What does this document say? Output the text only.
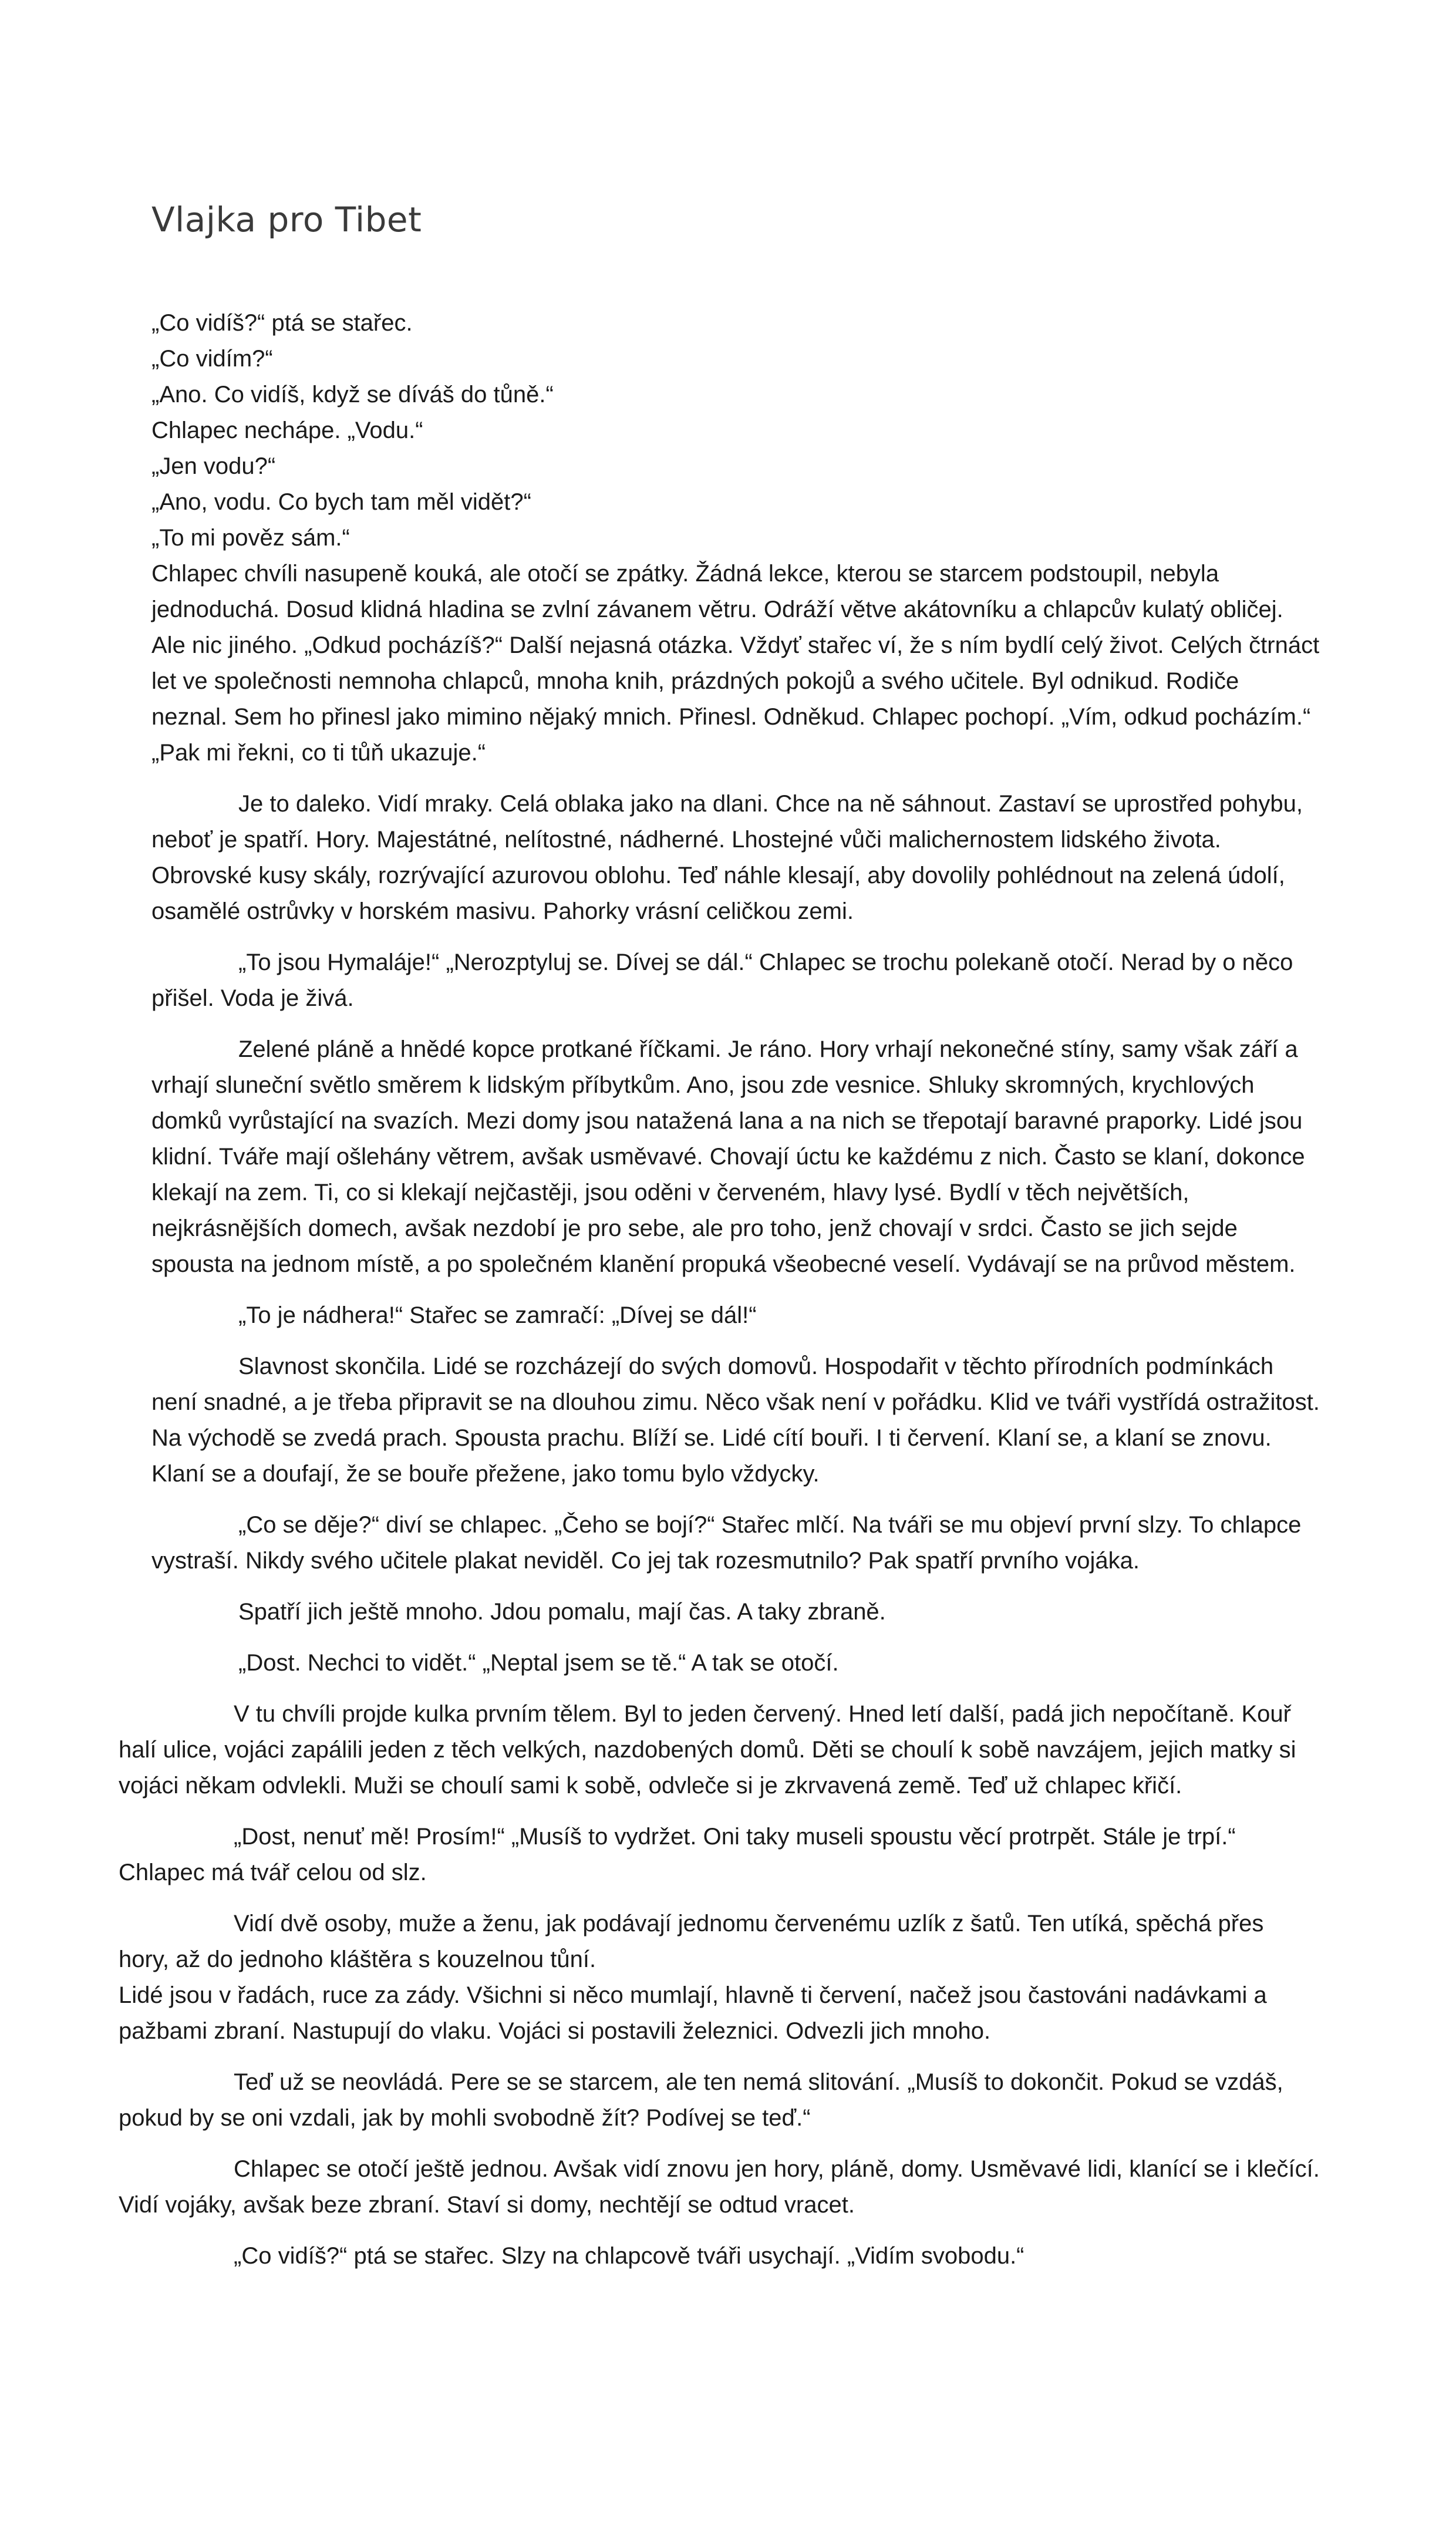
Vlajka pro Tibet

„Co vidíš?“ ptá se stařec.

„Co vidím?“

„Ano. Co vidíš, když se díváš do tůně.“

Chlapec nechápe. „Vodu.“

„Jen vodu?“

„Ano, vodu. Co bych tam měl vidět?“

„To mi pověz sám.“

Chlapec chvíli nasupeně kouká, ale otočí se zpátky. Žádná lekce, kterou se starcem podstoupil, nebyla jednoduchá. Dosud klidná hladina se zvlní závanem větru. Odráží větve akátovníku a chlapcův kulatý obličej. Ale nic jiného. „Odkud pocházíš?“ Další nejasná otázka. Vždyť stařec ví, že s ním bydlí celý život. Celých čtrnáct let ve společnosti nemnoha chlapců, mnoha knih, prázdných pokojů a svého učitele. Byl odnikud. Rodiče neznal. Sem ho přinesl jako mimino nějaký mnich. Přinesl. Odněkud. Chlapec pochopí. „Vím, odkud pocházím.“ „Pak mi řekni, co ti tůň ukazuje.“

Je to daleko. Vidí mraky. Celá oblaka jako na dlani. Chce na ně sáhnout. Zastaví se uprostřed pohybu, neboť je spatří. Hory. Majestátné, nelítostné, nádherné. Lhostejné vůči malichernostem lidského života. Obrovské kusy skály, rozrývající azurovou oblohu. Teď náhle klesají, aby dovolily pohlédnout na zelená údolí, osamělé ostrůvky v horském masivu. Pahorky vrásní celičkou zemi.

„To jsou Hymaláje!“ „Nerozptyluj se. Dívej se dál.“ Chlapec se trochu polekaně otočí. Nerad by o něco přišel. Voda je živá.

Zelené pláně a hnědé kopce protkané říčkami. Je ráno. Hory vrhají nekonečné stíny, samy však září a vrhají sluneční světlo směrem k lidským příbytkům. Ano, jsou zde vesnice. Shluky skromných, krychlových domků vyrůstající na svazích. Mezi domy jsou natažená lana a na nich se třepotají baravné praporky. Lidé jsou klidní. Tváře mají ošlehány větrem, avšak usměvavé. Chovají úctu ke každému z nich. Často se klaní, dokonce klekají na zem. Ti, co si klekají nejčastěji, jsou oděni v červeném, hlavy lysé. Bydlí v těch největších, nejkrásnějších domech, avšak nezdobí je pro sebe, ale pro toho, jenž chovají v srdci. Často se jich sejde spousta na jednom místě, a po společném klanění propuká všeobecné veselí. Vydávají se na průvod městem.

„To je nádhera!“ Stařec se zamračí: „Dívej se dál!“

Slavnost skončila. Lidé se rozcházejí do svých domovů. Hospodařit v těchto přírodních podmínkách není snadné, a je třeba připravit se na dlouhou zimu. Něco však není v pořádku. Klid ve tváři vystřídá ostražitost. Na východě se zvedá prach. Spousta prachu. Blíží se. Lidé cítí bouři. I ti červení. Klaní se, a klaní se znovu. Klaní se a doufají, že se bouře přežene, jako tomu bylo vždycky.

„Co se děje?“ diví se chlapec. „Čeho se bojí?“ Stařec mlčí. Na tváři se mu objeví první slzy. To chlapce vystraší. Nikdy svého učitele plakat neviděl. Co jej tak rozesmutnilo? Pak spatří prvního vojáka.

Spatří jich ještě mnoho. Jdou pomalu, mají čas. A taky zbraně.

„Dost. Nechci to vidět.“ „Neptal jsem se tě.“ A tak se otočí.

V tu chvíli projde kulka prvním tělem. Byl to jeden červený. Hned letí další, padá jich nepočítaně. Kouř halí ulice, vojáci zapálili jeden z těch velkých, nazdobených domů. Děti se choulí k sobě navzájem, jejich matky si vojáci někam odvlekli. Muži se choulí sami k sobě, odvleče si je zkrvavená země. Teď už chlapec křičí.

„Dost, nenuť mě! Prosím!“ „Musíš to vydržet. Oni taky museli spoustu věcí protrpět. Stále je trpí.“ Chlapec má tvář celou od slz.

Vidí dvě osoby, muže a ženu, jak podávají jednomu červenému uzlík z šatů. Ten utíká, spěchá přes hory, až do jednoho kláštěra s kouzelnou tůní.

Lidé jsou v řadách, ruce za zády. Všichni si něco mumlají, hlavně ti červení, načež jsou častováni nadávkami a pažbami zbraní. Nastupují do vlaku. Vojáci si postavili železnici. Odvezli jich mnoho.

Teď už se neovládá. Pere se se starcem, ale ten nemá slitování. „Musíš to dokončit. Pokud se vzdáš, pokud by se oni vzdali, jak by mohli svobodně žít? Podívej se teď.“

Chlapec se otočí ještě jednou. Avšak vidí znovu jen hory, pláně, domy. Usměvavé lidi, klanící se i klečící. Vidí vojáky, avšak beze zbraní. Staví si domy, nechtějí se odtud vracet.

„Co vidíš?“ ptá se stařec. Slzy na chlapcově tváři usychají. „Vidím svobodu.“
